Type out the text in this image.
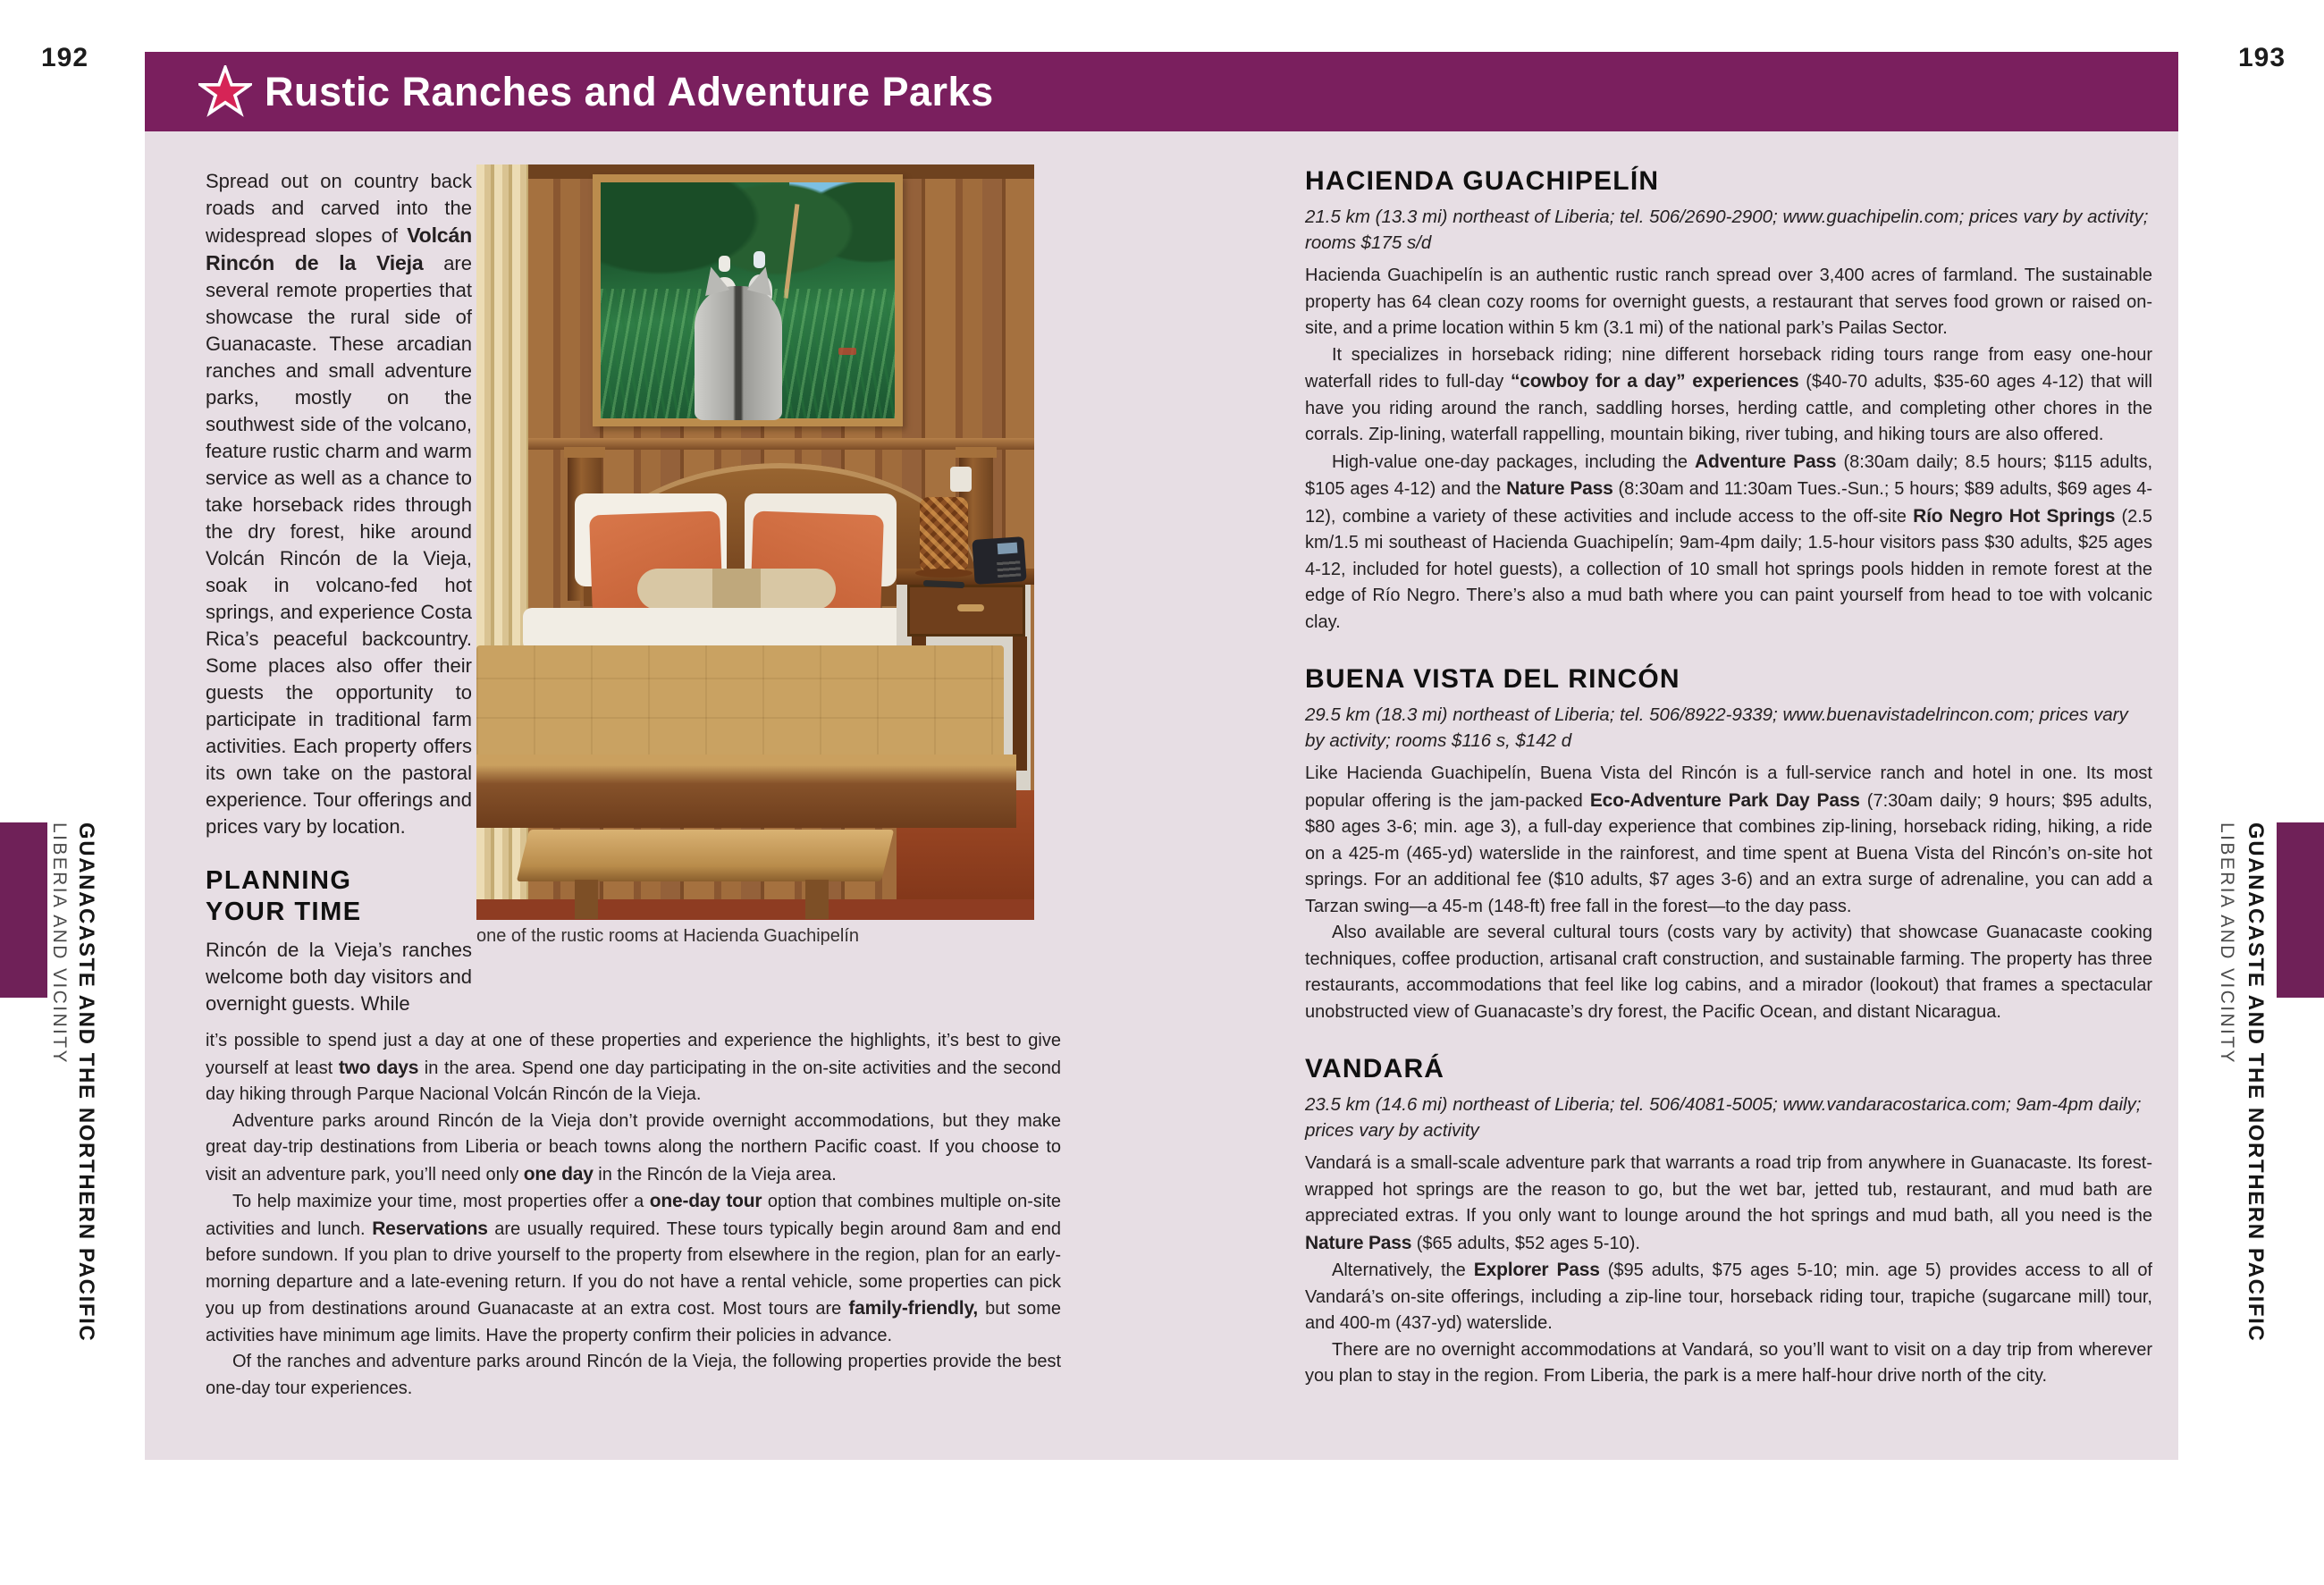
192	193
Rustic Ranches and Adventure Parks

Spread out on country back roads and carved into the widespread slopes of Volcán Rincón de la Vieja are several remote properties that showcase the rural side of Guanacaste. These arcadian ranches and small adventure parks, mostly on the southwest side of the volcano, feature rustic charm and warm service as well as a chance to take horseback rides through the dry forest, hike around Volcán Rincón de la Vieja, soak in volcano-fed hot springs, and experience Costa Rica’s peaceful backcountry. Some places also offer their guests the opportunity to participate in traditional farm activities. Each property offers its own take on the pastoral experience. Tour offerings and prices vary by location.

PLANNING
YOUR TIME

Rincón de la Vieja’s ranches welcome both day visitors and overnight guests. While

one of the rustic rooms at Hacienda Guachipelín

it’s possible to spend just a day at one of these properties and experience the highlights, it’s best to give yourself at least two days in the area. Spend one day participating in the on-site activities and the second day hiking through Parque Nacional Volcán Rincón de la Vieja.

Adventure parks around Rincón de la Vieja don’t provide overnight accommodations, but they make great day-trip destinations from Liberia or beach towns along the northern Pacific coast. If you choose to visit an adventure park, you’ll need only one day in the Rincón de la Vieja area.

To help maximize your time, most properties offer a one-day tour option that combines multiple on-site activities and lunch. Reservations are usually required. These tours typically begin around 8am and end before sundown. If you plan to drive yourself to the property from elsewhere in the region, plan for an early-morning departure and a late-evening return. If you do not have a rental vehicle, some properties can pick you up from destinations around Guanacaste at an extra cost. Most tours are family-friendly, but some activities have minimum age limits. Have the property confirm their policies in advance.

Of the ranches and adventure parks around Rincón de la Vieja, the following properties provide the best one-day tour experiences.

HACIENDA GUACHIPELÍN

21.5 km (13.3 mi) northeast of Liberia; tel. 506/2690-2900; www.guachipelin.com; prices vary by activity; rooms $175 s/d

Hacienda Guachipelín is an authentic rustic ranch spread over 3,400 acres of farmland. The sustainable property has 64 clean cozy rooms for overnight guests, a restaurant that serves food grown or raised on-site, and a prime location within 5 km (3.1 mi) of the national park’s Pailas Sector.

It specializes in horseback riding; nine different horseback riding tours range from easy one-hour waterfall rides to full-day “cowboy for a day” experiences ($40-70 adults, $35-60 ages 4-12) that will have you riding around the ranch, saddling horses, herding cattle, and completing other chores in the corrals. Zip-lining, waterfall rappelling, mountain biking, river tubing, and hiking tours are also offered.

High-value one-day packages, including the Adventure Pass (8:30am daily; 8.5 hours; $115 adults, $105 ages 4-12) and the Nature Pass (8:30am and 11:30am Tues.-Sun.; 5 hours; $89 adults, $69 ages 4-12), combine a variety of these activities and include access to the off-site Río Negro Hot Springs (2.5 km/1.5 mi southeast of Hacienda Guachipelín; 9am-4pm daily; 1.5-hour visitors pass $30 adults, $25 ages 4-12, included for hotel guests), a collection of 10 small hot springs pools hidden in remote forest at the edge of Río Negro. There’s also a mud bath where you can paint yourself from head to toe with volcanic clay.

BUENA VISTA DEL RINCÓN

29.5 km (18.3 mi) northeast of Liberia; tel. 506/8922-9339; www.buenavistadelrincon.com; prices vary by activity; rooms $116 s, $142 d

Like Hacienda Guachipelín, Buena Vista del Rincón is a full-service ranch and hotel in one. Its most popular offering is the jam-packed Eco-Adventure Park Day Pass (7:30am daily; 9 hours; $95 adults, $80 ages 3-6; min. age 3), a full-day experience that combines zip-lining, horseback riding, hiking, a ride on a 425-m (465-yd) waterslide in the rainforest, and time spent at Buena Vista del Rincón’s on-site hot springs. For an additional fee ($10 adults, $7 ages 3-6) and an extra surge of adrenaline, you can add a Tarzan swing—a 45-m (148-ft) free fall in the forest—to the day pass.

Also available are several cultural tours (costs vary by activity) that showcase Guanacaste cooking techniques, coffee production, artisanal craft construction, and sustainable farming. The property has three restaurants, accommodations that feel like log cabins, and a mirador (lookout) that frames a spectacular unobstructed view of Guanacaste’s dry forest, the Pacific Ocean, and distant Nicaragua.

VANDARÁ

23.5 km (14.6 mi) northeast of Liberia; tel. 506/4081-5005; www.vandaracostarica.com; 9am-4pm daily; prices vary by activity

Vandará is a small-scale adventure park that warrants a road trip from anywhere in Guanacaste. Its forest-wrapped hot springs are the reason to go, but the wet bar, jetted tub, restaurant, and mud bath are appreciated extras. If you only want to lounge around the hot springs and mud bath, all you need is the Nature Pass ($65 adults, $52 ages 5-10).

Alternatively, the Explorer Pass ($95 adults, $75 ages 5-10; min. age 5) provides access to all of Vandará’s on-site offerings, including a zip-line tour, horseback riding tour, trapiche (sugarcane mill) tour, and 400-m (437-yd) waterslide.

There are no overnight accommodations at Vandará, so you’ll want to visit on a day trip from wherever you plan to stay in the region. From Liberia, the park is a mere half-hour drive north of the city.

LIBERIA AND VICINITY GUANACASTE AND THE NORTHERN PACIFIC	LIBERIA AND VICINITY GUANACASTE AND THE NORTHERN PACIFIC
